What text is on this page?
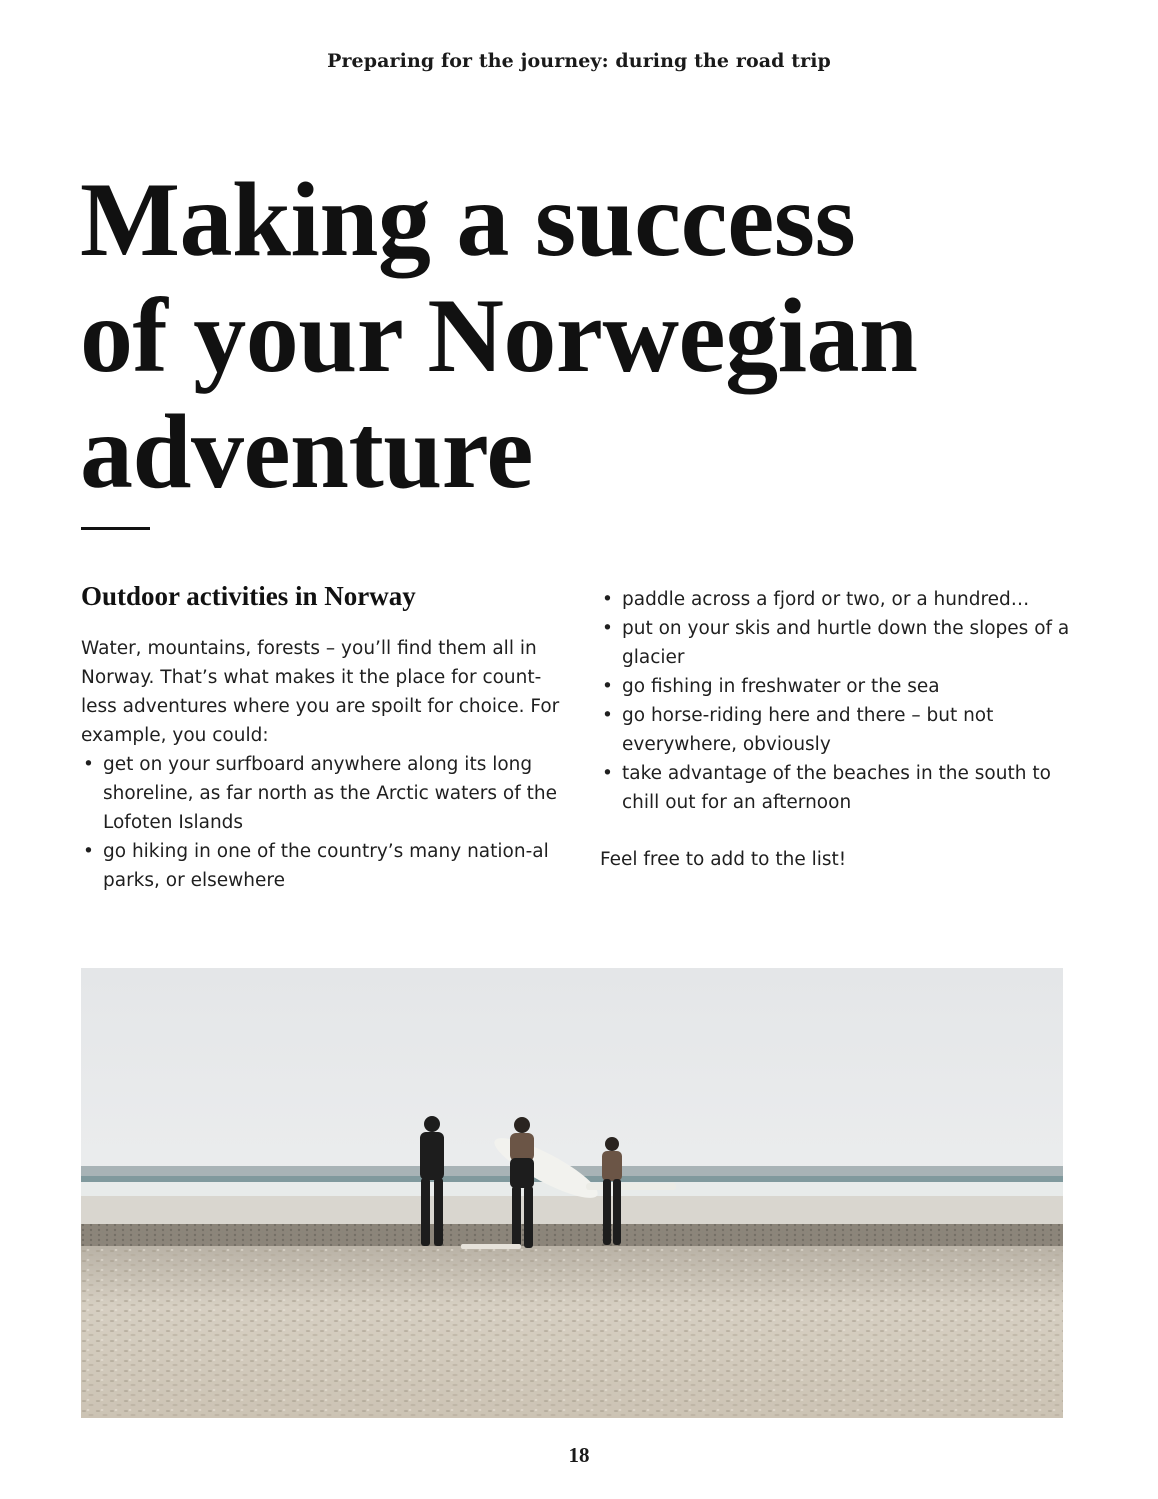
Preparing for the journey: during the road trip
Making a success
of your Norwegian
adventure
Outdoor activities in Norway

Water, mountains, forests – you’ll find them all in Norway. That’s what makes it the place for count-less adventures where you are spoilt for choice. For example, you could:

• get on your surfboard anywhere along its long shoreline, as far north as the Arctic waters of the Lofoten Islands
• go hiking in one of the country’s many nation-al parks, or elsewhere
• paddle across a fjord or two, or a hundred…
• put on your skis and hurtle down the slopes of a glacier
• go fishing in freshwater or the sea
• go horse-riding here and there – but not everywhere, obviously
• take advantage of the beaches in the south to chill out for an afternoon

Feel free to add to the list!

18
